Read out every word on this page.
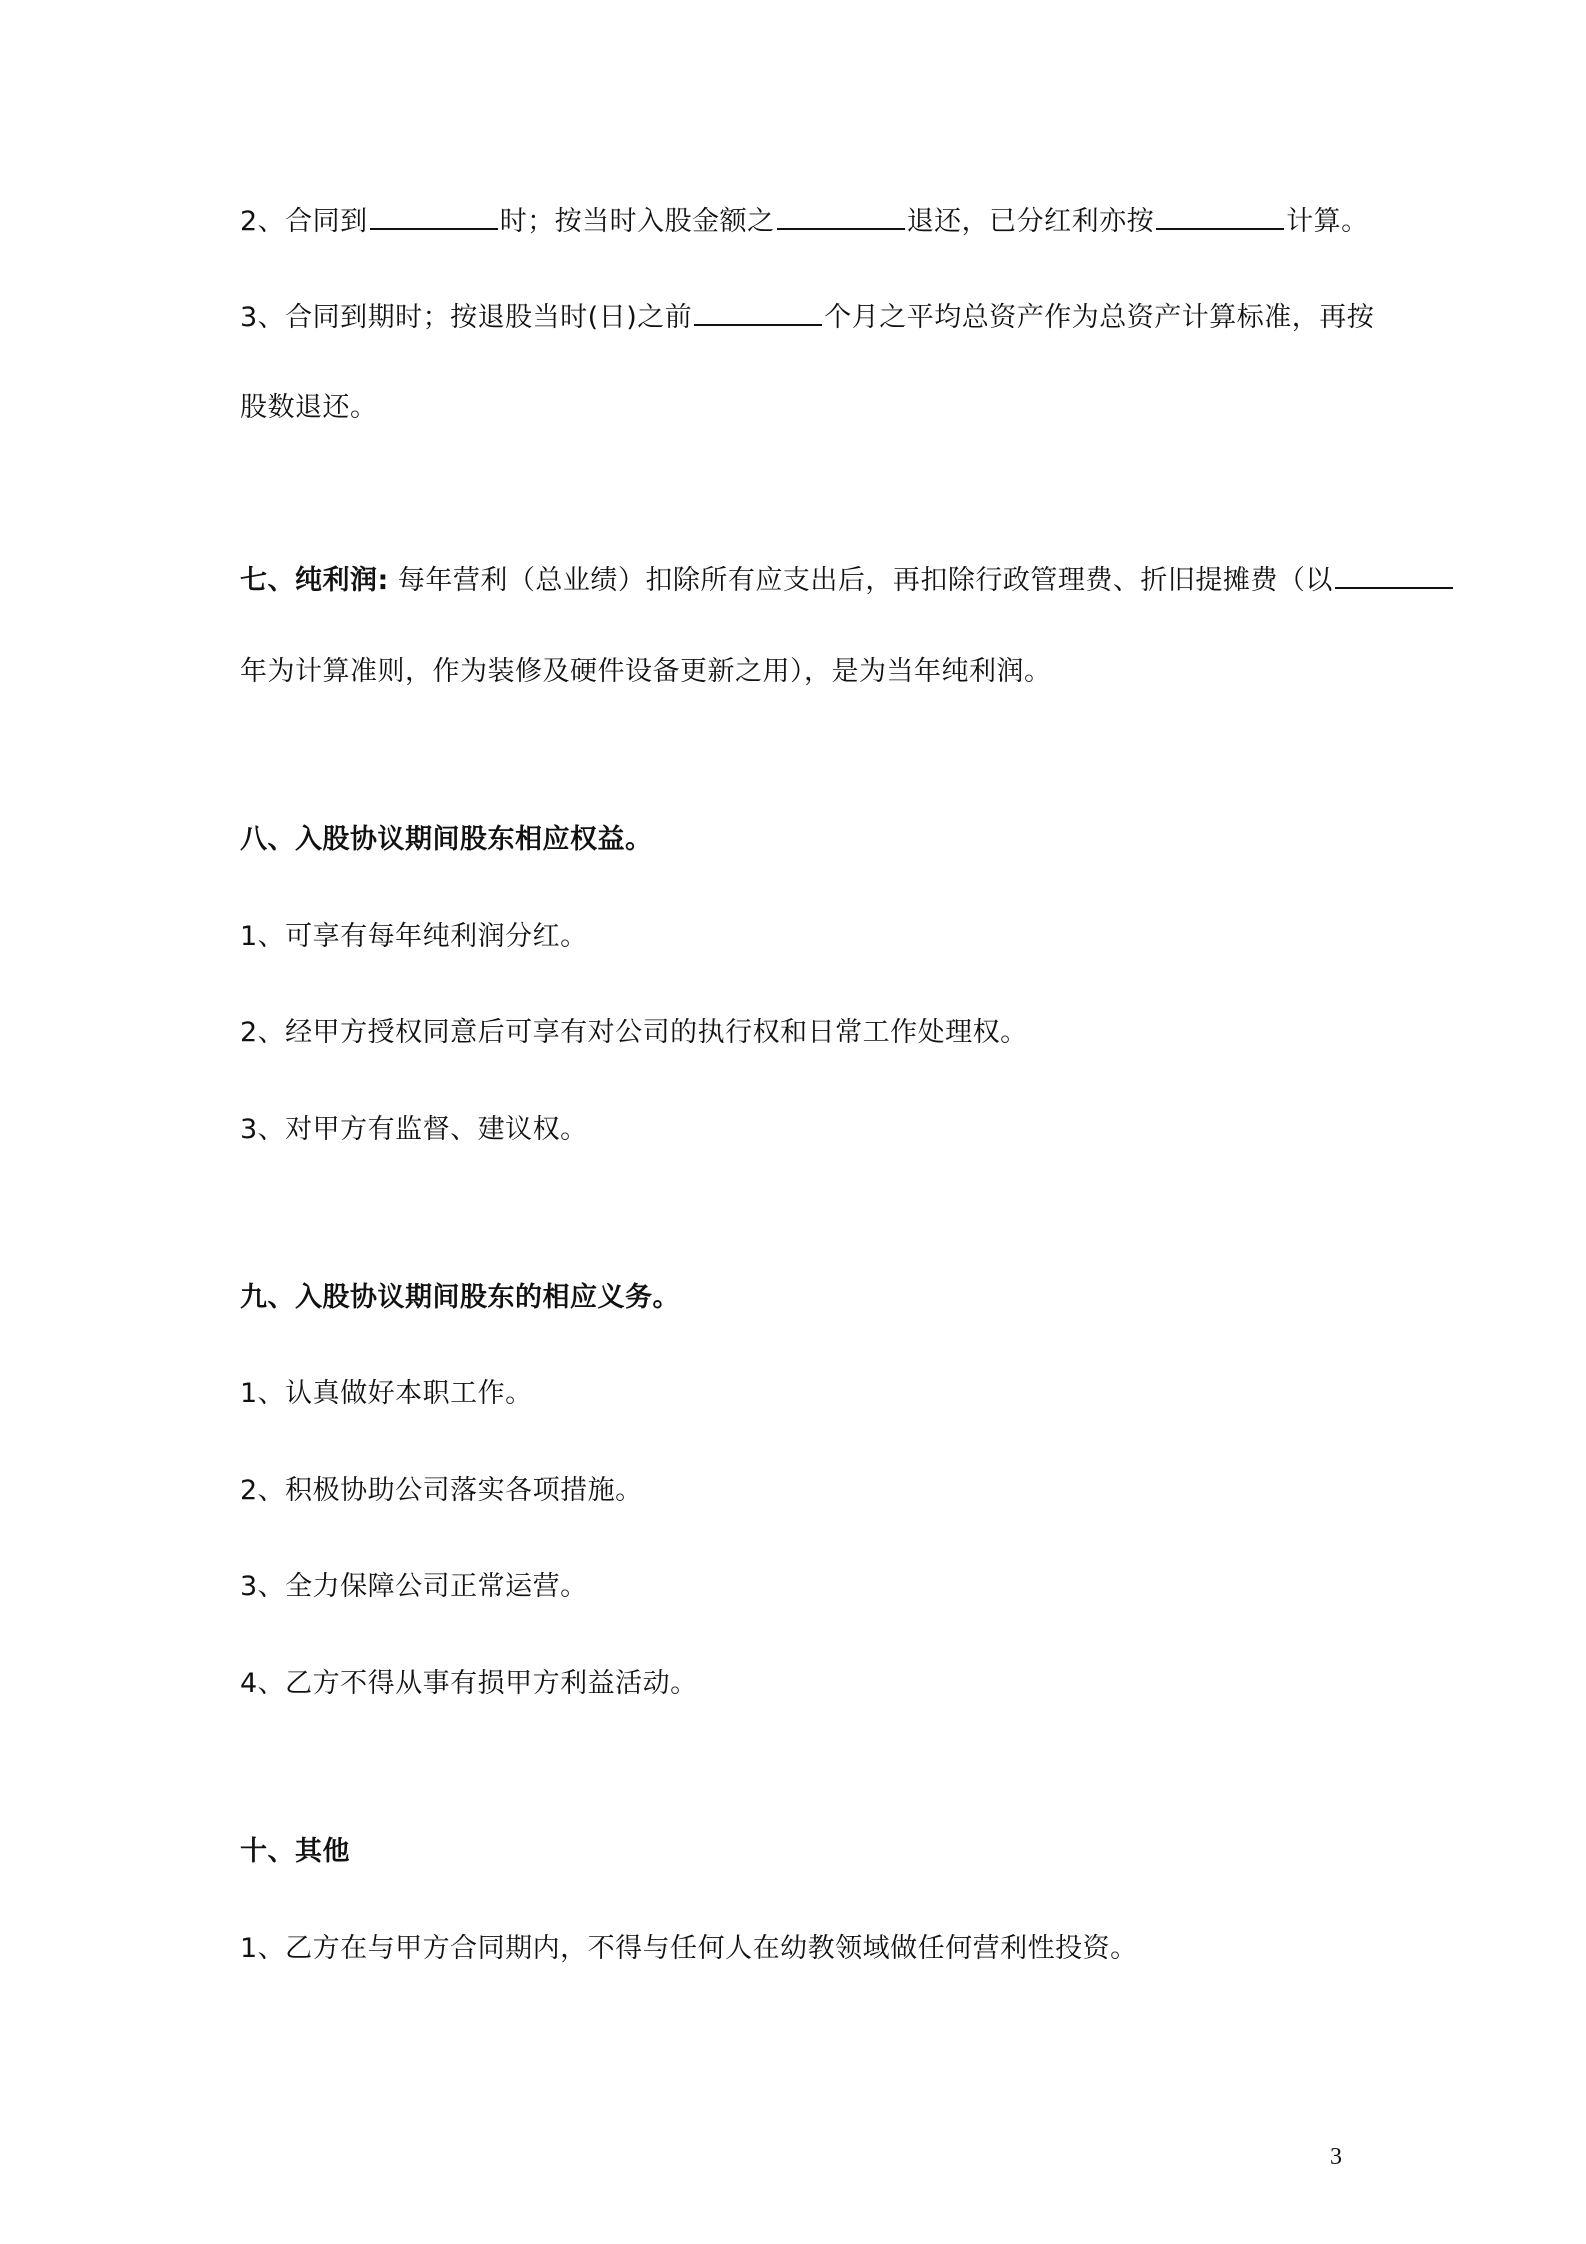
2、合同到	时；按当时入股金额之	退还，已分红利亦按	计算。
3、合同到期时；按退股当时(日)之前	个月之平均总资产作为总资产计算标准，再按
股数退还。
七、纯利润: 每年营利（总业绩）扣除所有应支出后，再扣除行政管理费、折旧提摊费（以
年为计算准则，作为装修及硬件设备更新之用），是为当年纯利润。
八、入股协议期间股东相应权益。
1、可享有每年纯利润分红。
2、经甲方授权同意后可享有对公司的执行权和日常工作处理权。
3、对甲方有监督、建议权。
九、入股协议期间股东的相应义务。
1、认真做好本职工作。
2、积极协助公司落实各项措施。
3、全力保障公司正常运营。
4、乙方不得从事有损甲方利益活动。
十、其他
1、乙方在与甲方合同期内，不得与任何人在幼教领域做任何营利性投资。
3
